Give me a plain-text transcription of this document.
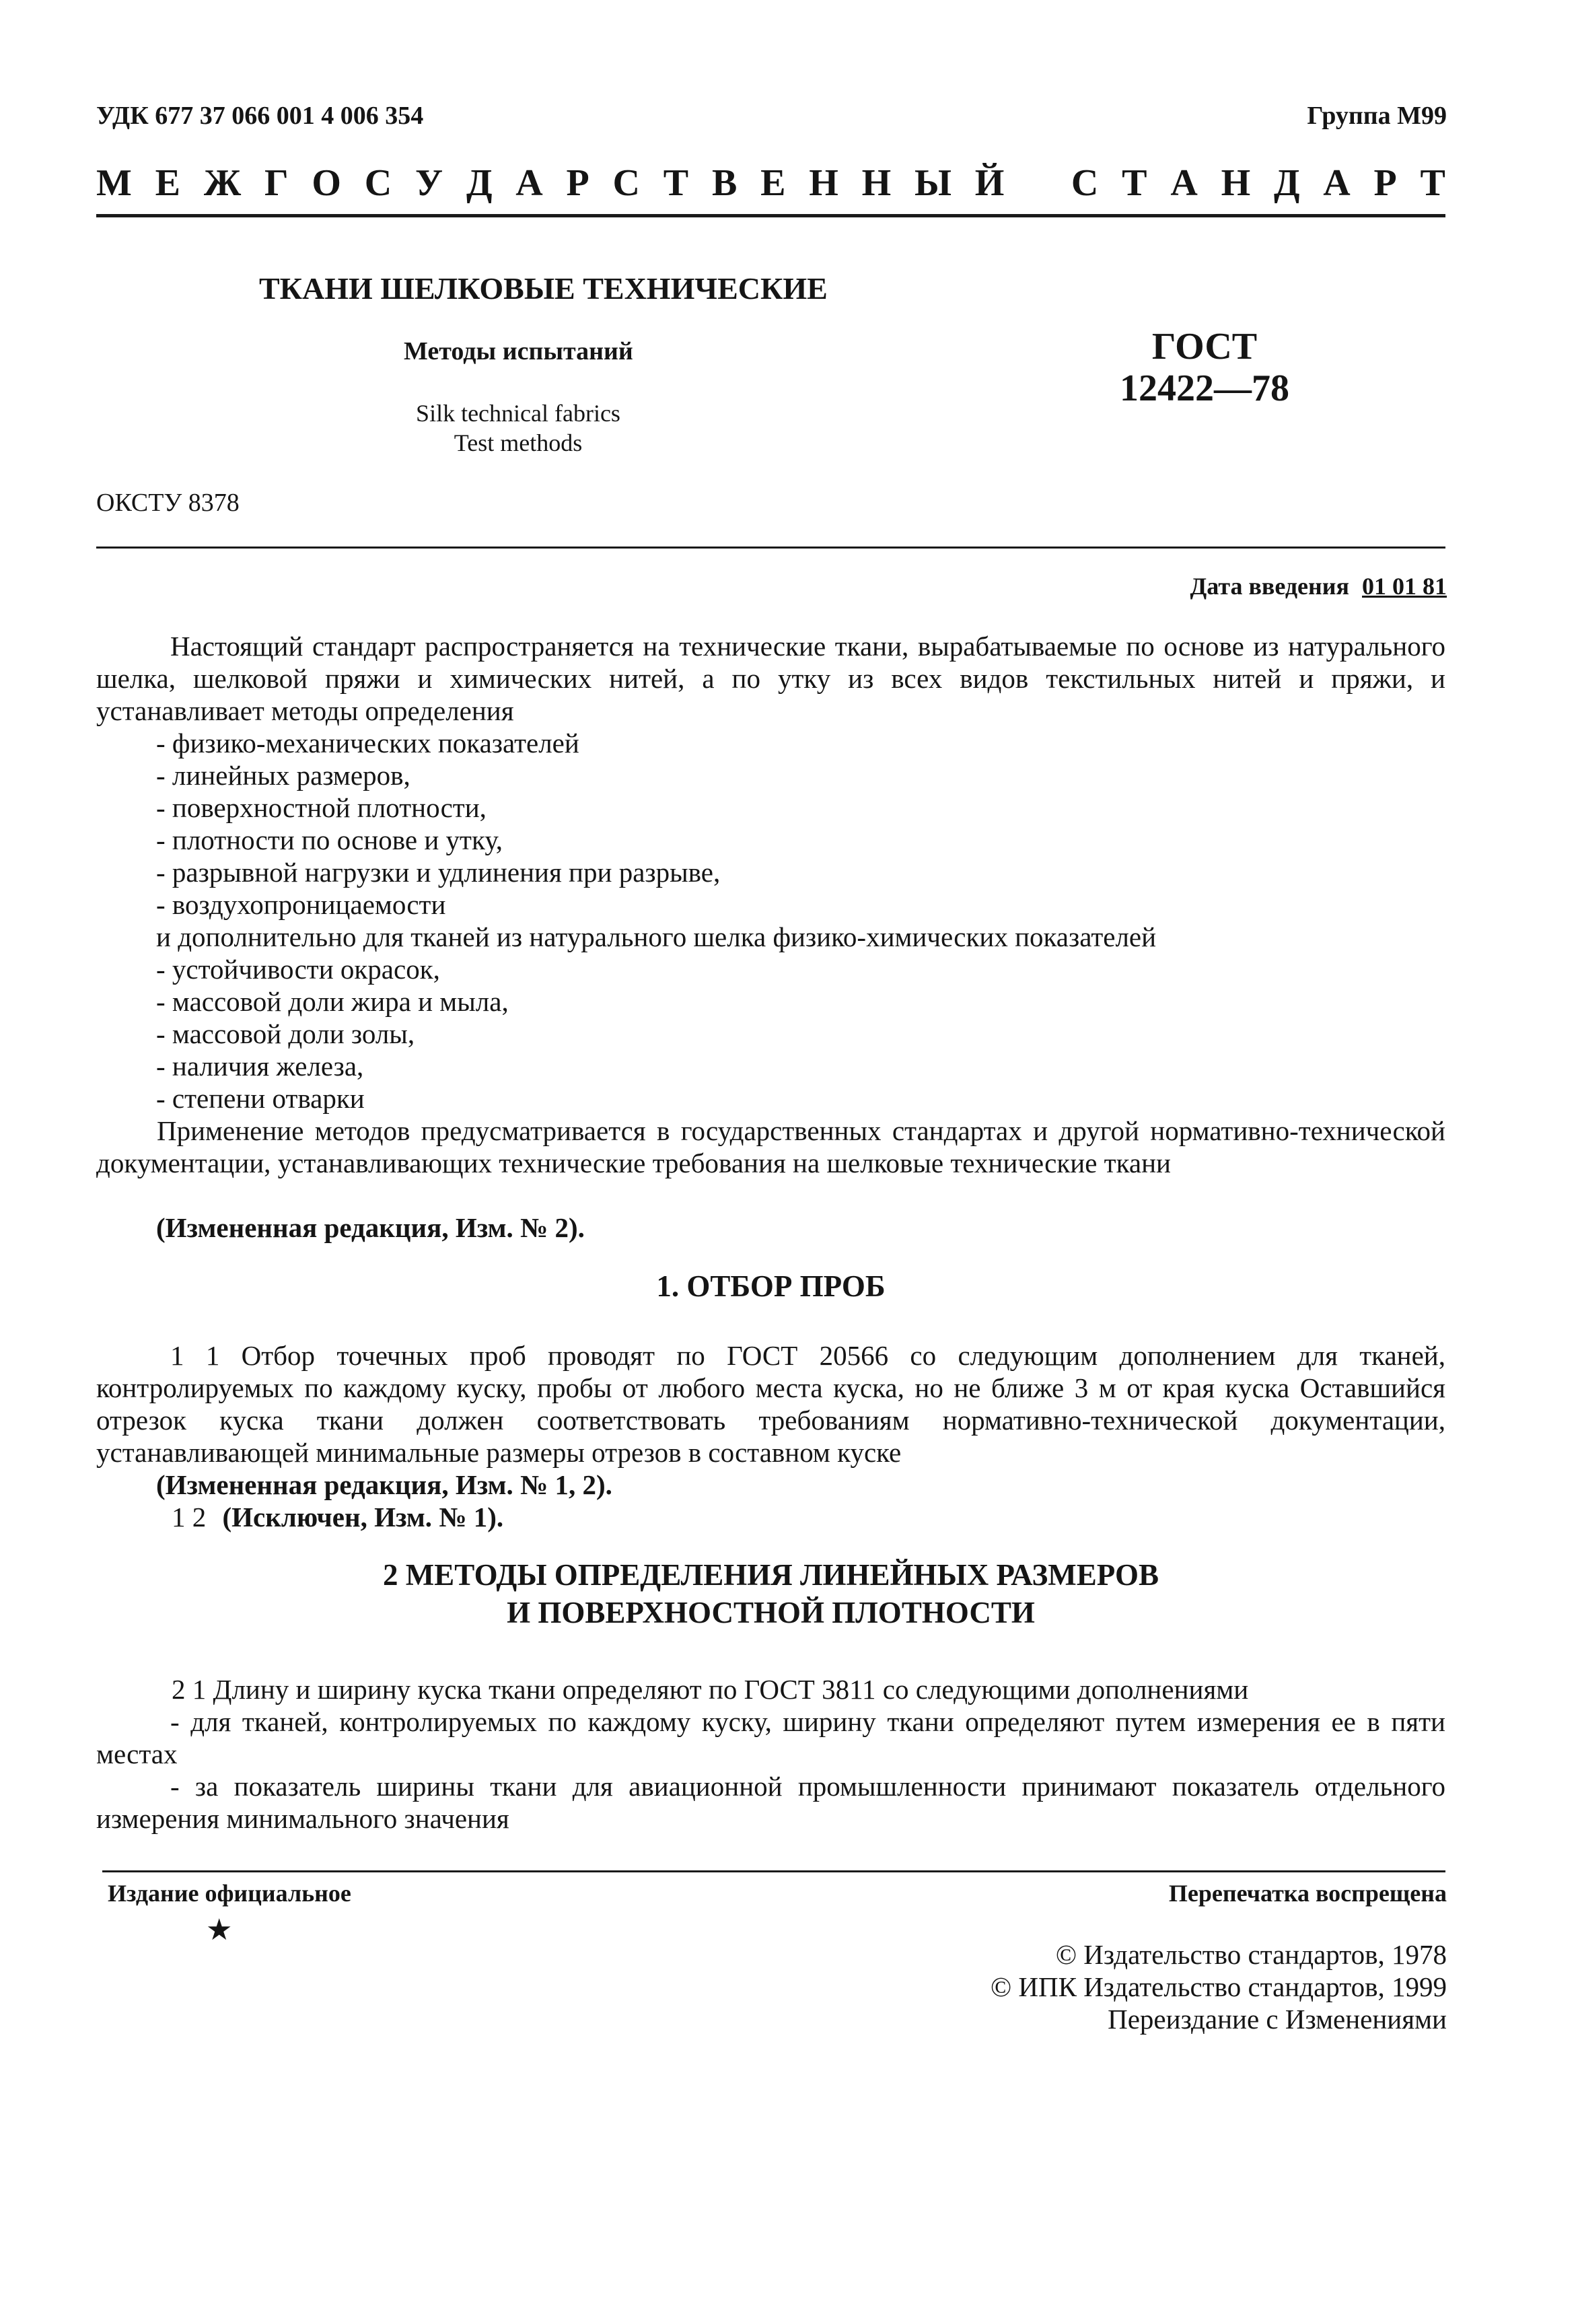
УДК 677 37 066 001 4 006 354	Группа М99
М Е Ж Г О С У Д А Р С Т В Е Н Н Ы Й С Т А Н Д А Р Т
ТКАНИ ШЕЛКОВЫЕ ТЕХНИЧЕСКИЕ
Методы испытаний
Silk technical fabrics
Test methods
ГОСТ
12422—78
ОКСТУ 8378
Дата введения 01 01 81
Настоящий стандарт распространяется на технические ткани, вырабатываемые по основе из натурального шелка, шелковой пряжи и химических нитей, а по утку из всех видов текстильных нитей и пряжи, и устанавливает методы определения
- физико-механических показателей
- линейных размеров,
- поверхностной плотности,
- плотности по основе и утку,
- разрывной нагрузки и удлинения при разрыве,
- воздухопроницаемости
и дополнительно для тканей из натурального шелка физико-химических показателей
- устойчивости окрасок,
- массовой доли жира и мыла,
- массовой доли золы,
- наличия железа,
- степени отварки
Применение методов предусматривается в государственных стандартах и другой нормативно-технической документации, устанавливающих технические требования на шелковые технические ткани
(Измененная редакция, Изм. № 2).
1. ОТБОР ПРОБ
1 1 Отбор точечных проб проводят по ГОСТ 20566 со следующим дополнением для тканей, контролируемых по каждому куску, пробы от любого места куска, но не ближе 3 м от края куска Оставшийся отрезок куска ткани должен соответствовать требованиям нормативно-технической документации, устанавливающей минимальные размеры отрезов в составном куске
(Измененная редакция, Изм. № 1, 2).
1 2 (Исключен, Изм. № 1).
2 МЕТОДЫ ОПРЕДЕЛЕНИЯ ЛИНЕЙНЫХ РАЗМЕРОВ
И ПОВЕРХНОСТНОЙ ПЛОТНОСТИ
2 1 Длину и ширину куска ткани определяют по ГОСТ 3811 со следующими дополнениями
- для тканей, контролируемых по каждому куску, ширину ткани определяют путем измерения ее в пяти местах
- за показатель ширины ткани для авиационной промышленности принимают показатель отдельного измерения минимального значения
Издание официальное	Перепечатка воспрещена
★
© Издательство стандартов, 1978
© ИПК Издательство стандартов, 1999
Переиздание с Изменениями
